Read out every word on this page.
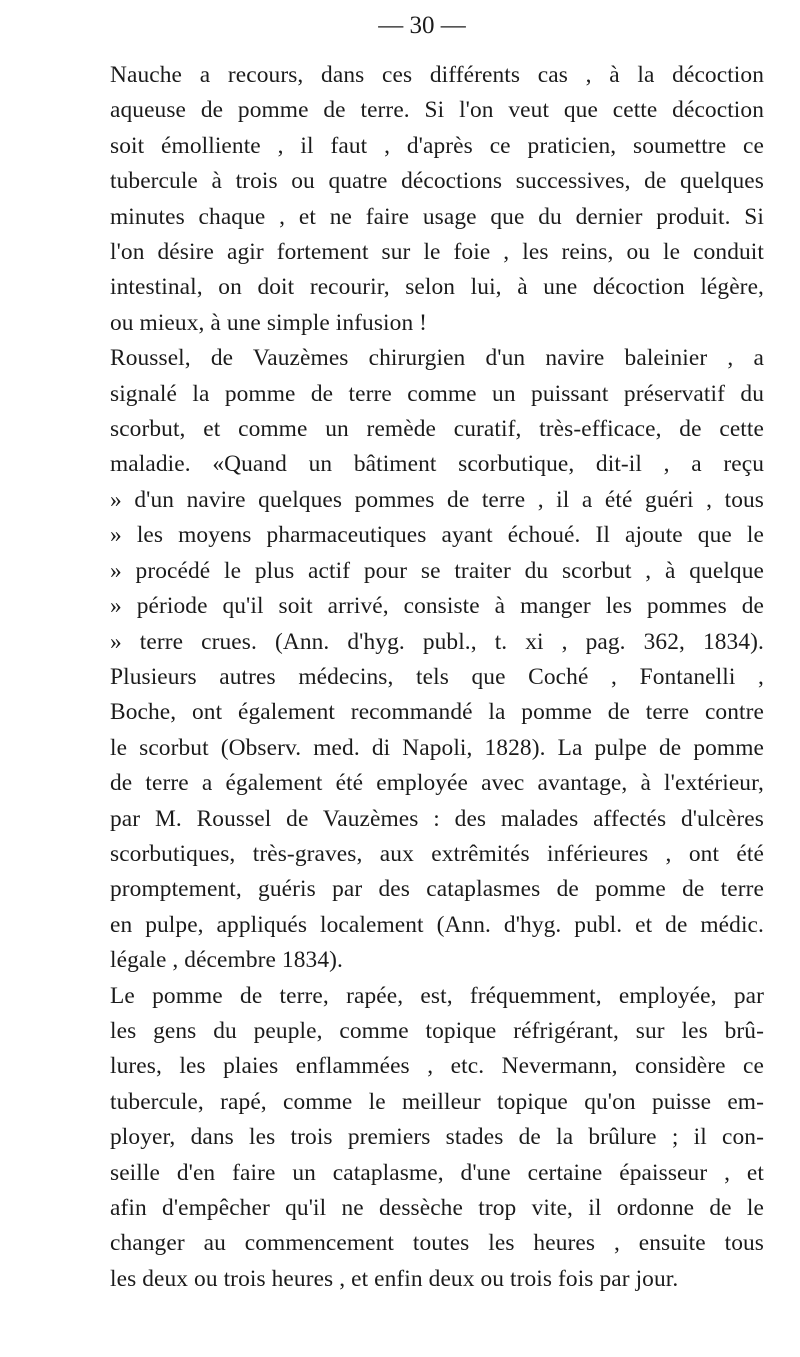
— 30 —

Nauche a recours, dans ces différents cas , à la décoction
aqueuse de pomme de terre. Si l'on veut que cette décoction
soit émolliente , il faut , d'après ce praticien, soumettre ce
tubercule à trois ou quatre décoctions successives, de quelques
minutes chaque , et ne faire usage que du dernier produit. Si
l'on désire agir fortement sur le foie , les reins, ou le conduit
intestinal, on doit recourir, selon lui, à une décoction légère,
ou mieux, à une simple infusion !

Roussel, de Vauzèmes chirurgien d'un navire baleinier , a
signalé la pomme de terre comme un puissant préservatif du
scorbut, et comme un remède curatif, très-efficace, de cette
maladie. «Quand un bâtiment scorbutique, dit-il , a reçu
» d'un navire quelques pommes de terre , il a été guéri , tous
» les moyens pharmaceutiques ayant échoué. Il ajoute que le
» procédé le plus actif pour se traiter du scorbut , à quelque
» période qu'il soit arrivé, consiste à manger les pommes de
» terre crues. (Ann. d'hyg. publ., t. xi , pag. 362, 1834).
Plusieurs autres médecins, tels que Coché , Fontanelli ,
Boche, ont également recommandé la pomme de terre contre
le scorbut (Observ. med. di Napoli, 1828). La pulpe de pomme
de terre a également été employée avec avantage, à l'extérieur,
par M. Roussel de Vauzèmes : des malades affectés d'ulcères
scorbutiques, très-graves, aux extrêmités inférieures , ont été
promptement, guéris par des cataplasmes de pomme de terre
en pulpe, appliqués localement (Ann. d'hyg. publ. et de médic.
légale , décembre 1834).

Le pomme de terre, rapée, est, fréquemment, employée, par
les gens du peuple, comme topique réfrigérant, sur les brû-
lures, les plaies enflammées , etc. Nevermann, considère ce
tubercule, rapé, comme le meilleur topique qu'on puisse em-
ployer, dans les trois premiers stades de la brûlure ; il con-
seille d'en faire un cataplasme, d'une certaine épaisseur , et
afin d'empêcher qu'il ne dessèche trop vite, il ordonne de le
changer au commencement toutes les heures , ensuite tous
les deux ou trois heures , et enfin deux ou trois fois par jour.
